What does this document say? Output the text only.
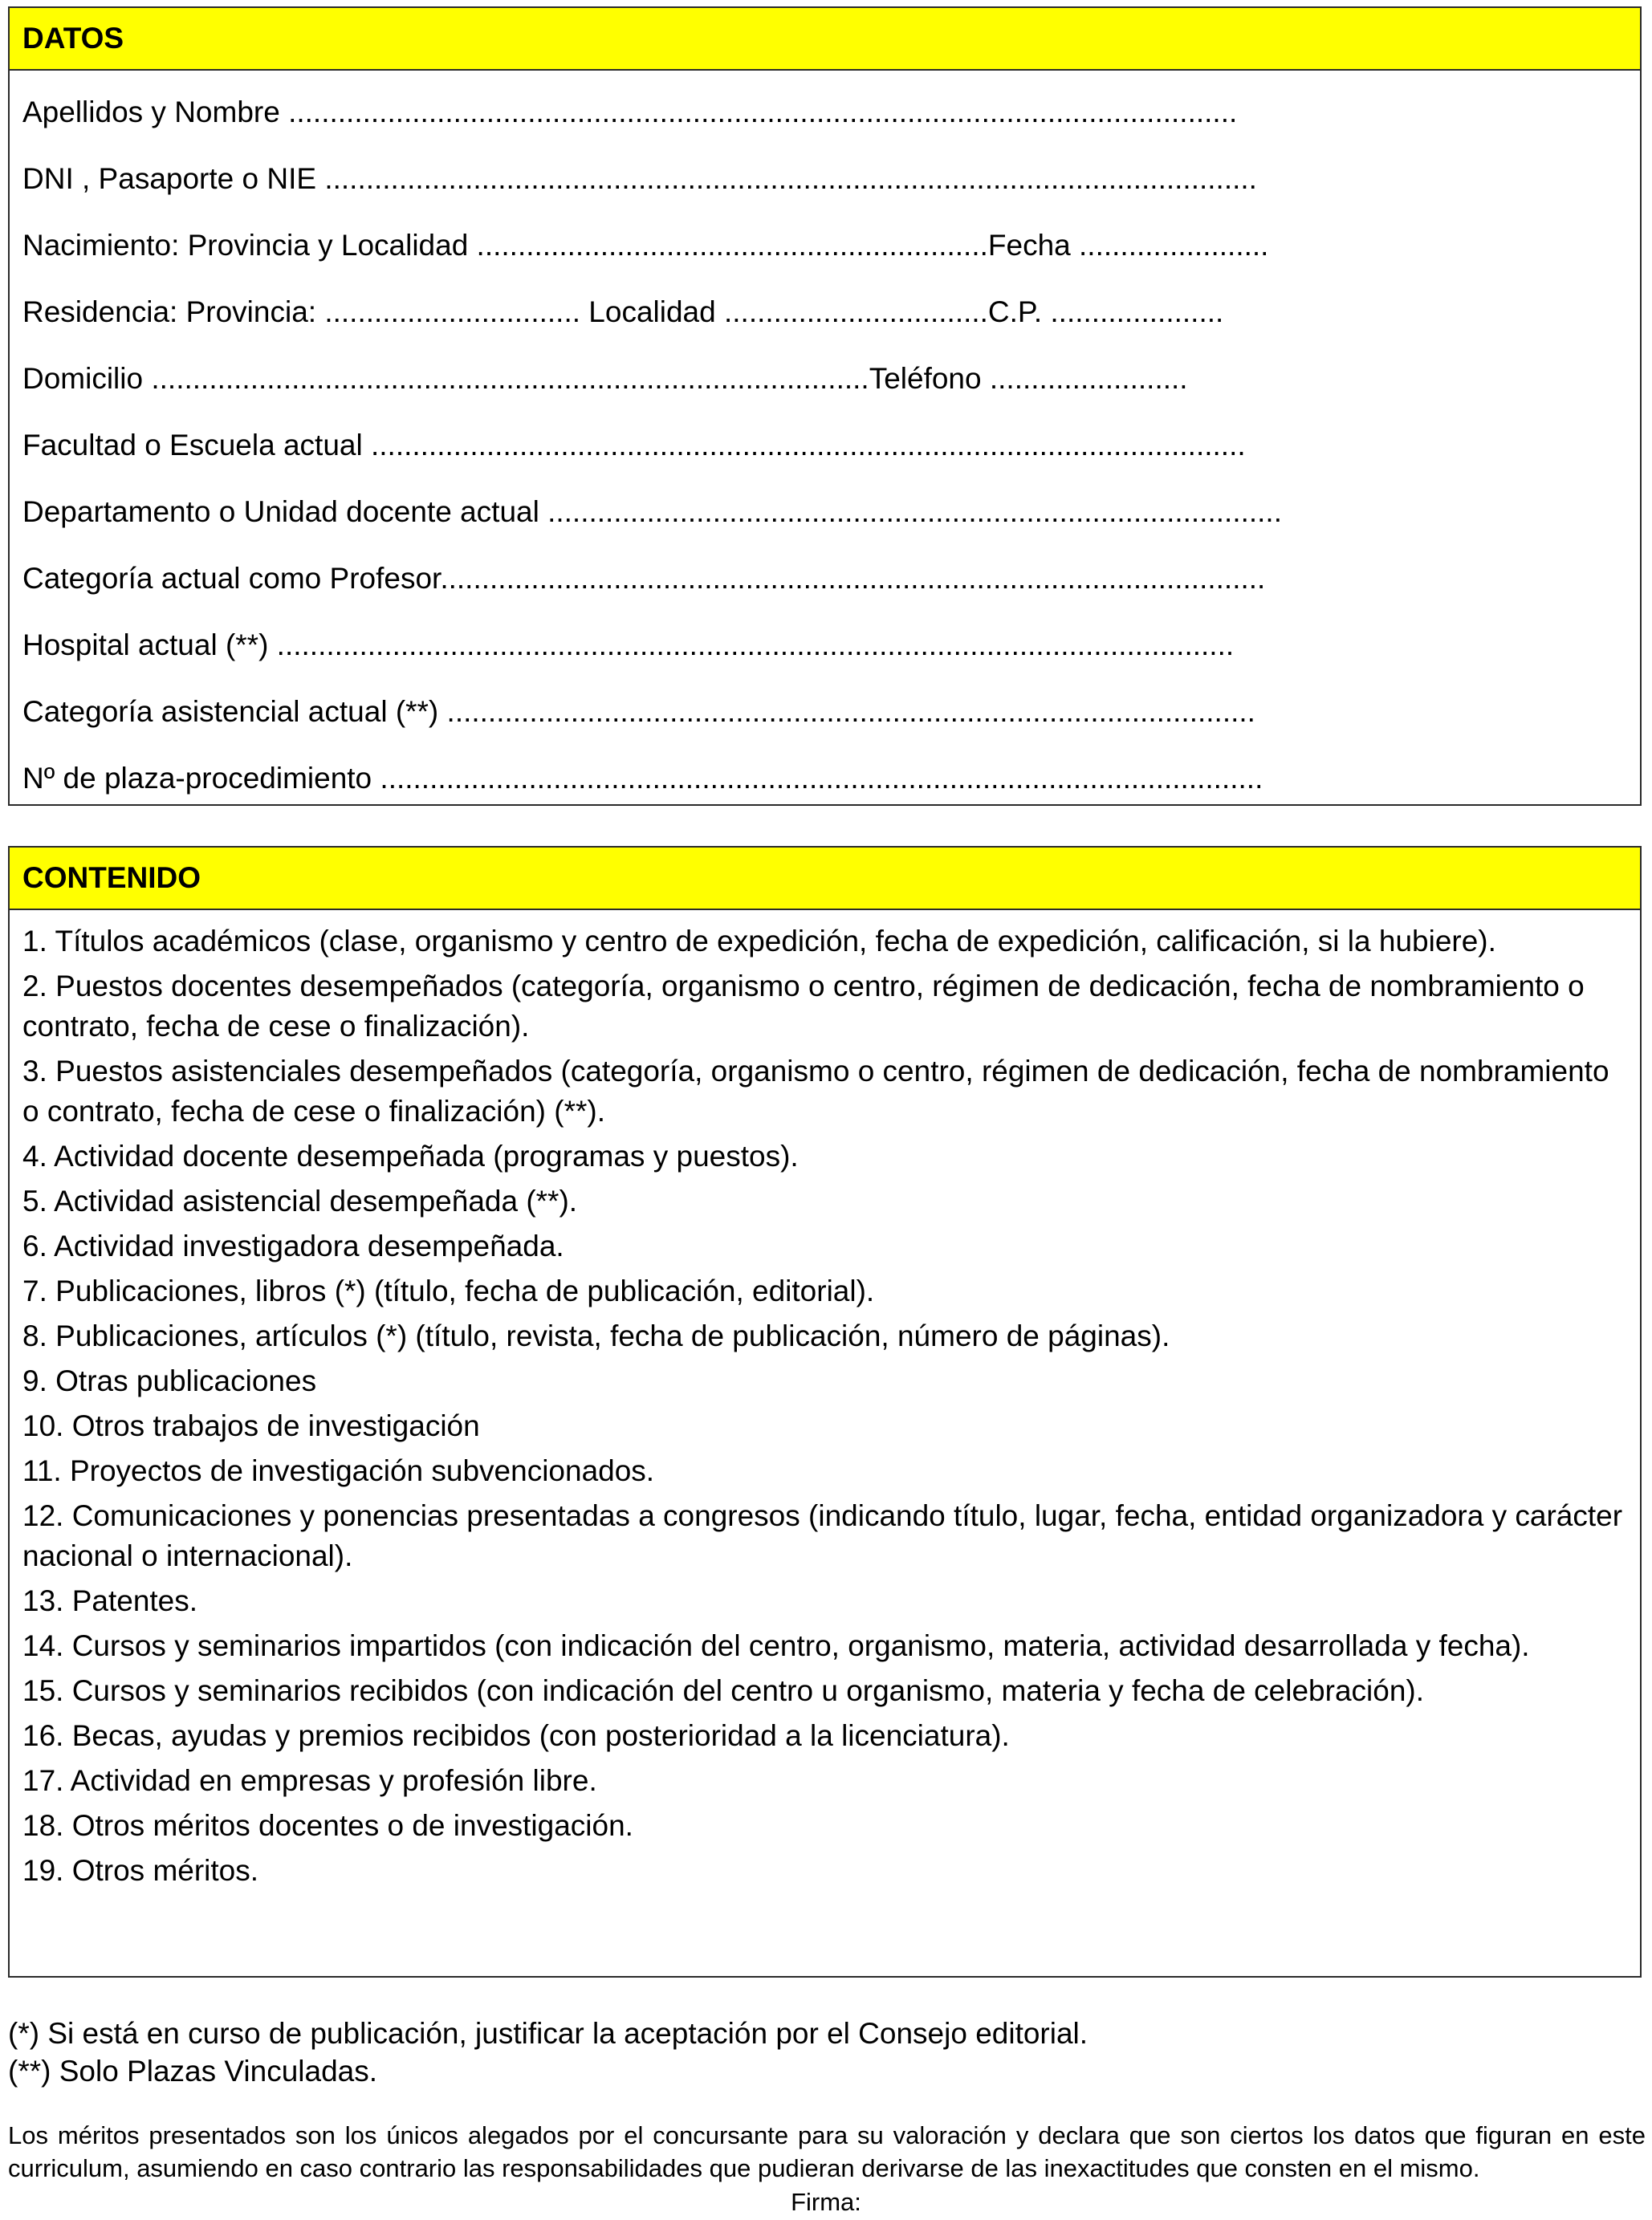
DATOS
Apellidos y Nombre ...................................................................................................................
DNI , Pasaporte o NIE .................................................................................................................
Nacimiento: Provincia y Localidad ..............................................................Fecha .......................
Residencia: Provincia: ............................... Localidad ................................C.P. .....................
Domicilio .......................................................................................Teléfono ........................
Facultad o Escuela actual ..........................................................................................................
Departamento o Unidad docente actual .........................................................................................
Categoría actual como Profesor....................................................................................................
Hospital actual (**) ....................................................................................................................
Categoría asistencial actual (**) ..................................................................................................
Nº de plaza-procedimiento ...........................................................................................................
CONTENIDO
1. Títulos académicos (clase, organismo y centro de expedición, fecha de expedición, calificación, si la hubiere).
2. Puestos docentes desempeñados (categoría, organismo o centro, régimen de dedicación, fecha de nombramiento o contrato, fecha de cese o finalización).
3. Puestos asistenciales desempeñados (categoría, organismo o centro, régimen de dedicación, fecha de nombramiento o contrato, fecha de cese o finalización) (**).
4. Actividad docente desempeñada (programas y puestos).
5. Actividad asistencial desempeñada (**).
6. Actividad investigadora desempeñada.
7. Publicaciones, libros (*) (título, fecha de publicación, editorial).
8. Publicaciones, artículos (*) (título, revista, fecha de publicación, número de páginas).
9. Otras publicaciones
10. Otros trabajos de investigación
11. Proyectos de investigación subvencionados.
12. Comunicaciones y ponencias presentadas a congresos (indicando título, lugar, fecha, entidad organizadora y carácter nacional o internacional).
13. Patentes.
14. Cursos y seminarios impartidos (con indicación del centro, organismo, materia, actividad desarrollada y fecha).
15. Cursos y seminarios recibidos (con indicación del centro u organismo, materia y fecha de celebración).
16. Becas, ayudas y premios recibidos (con posterioridad a la licenciatura).
17. Actividad en empresas y profesión libre.
18. Otros méritos docentes o de investigación.
19. Otros méritos.
(*) Si está en curso de publicación, justificar la aceptación por el Consejo editorial.
(**) Solo Plazas Vinculadas.
Los méritos presentados son los únicos alegados por el concursante para su valoración y declara que son ciertos los datos que figuran en este curriculum, asumiendo en caso contrario las responsabilidades que pudieran derivarse de las inexactitudes que consten en el mismo.
Firma:
